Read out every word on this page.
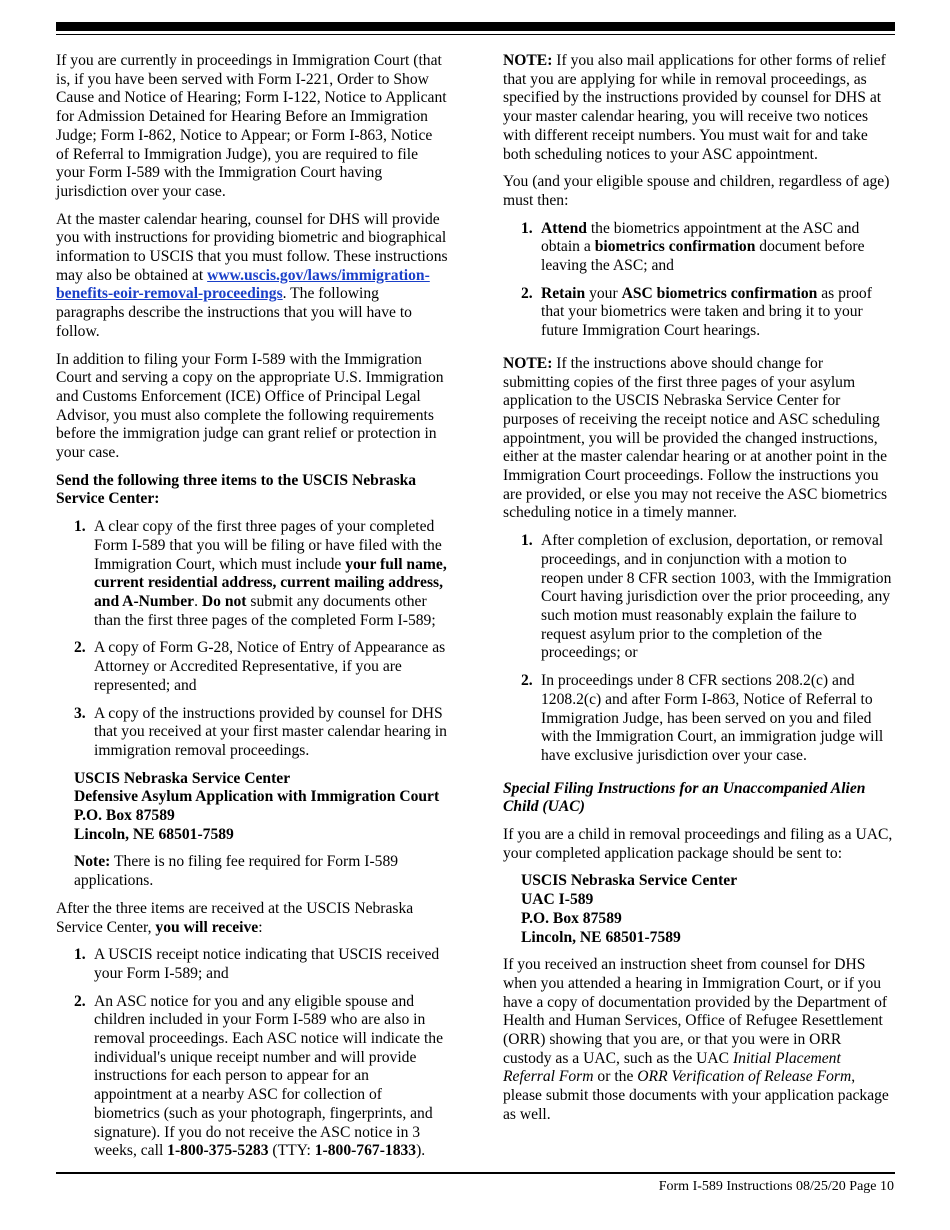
If you are currently in proceedings in Immigration Court (that is, if you have been served with Form I-221, Order to Show Cause and Notice of Hearing; Form I-122, Notice to Applicant for Admission Detained for Hearing Before an Immigration Judge; Form I-862, Notice to Appear; or Form I-863, Notice of Referral to Immigration Judge), you are required to file your Form I-589 with the Immigration Court having jurisdiction over your case.

At the master calendar hearing, counsel for DHS will provide you with instructions for providing biometric and biographical information to USCIS that you must follow. These instructions may also be obtained at www.uscis.gov/laws/immigration-benefits-eoir-removal-proceedings. The following paragraphs describe the instructions that you will have to follow.

In addition to filing your Form I-589 with the Immigration Court and serving a copy on the appropriate U.S. Immigration and Customs Enforcement (ICE) Office of Principal Legal Advisor, you must also complete the following requirements before the immigration judge can grant relief or protection in your case.

Send the following three items to the USCIS Nebraska Service Center:

1. A clear copy of the first three pages of your completed Form I-589 that you will be filing or have filed with the Immigration Court, which must include your full name, current residential address, current mailing address, and A-Number. Do not submit any documents other than the first three pages of the completed Form I-589;
2. A copy of Form G-28, Notice of Entry of Appearance as Attorney or Accredited Representative, if you are represented; and
3. A copy of the instructions provided by counsel for DHS that you received at your first master calendar hearing in immigration removal proceedings.
USCIS Nebraska Service Center
Defensive Asylum Application with Immigration Court
P.O. Box 87589
Lincoln, NE 68501-7589

Note: There is no filing fee required for Form I-589 applications.

After the three items are received at the USCIS Nebraska Service Center, you will receive:

1. A USCIS receipt notice indicating that USCIS received your Form I-589; and
2. An ASC notice for you and any eligible spouse and children included in your Form I-589 who are also in removal proceedings. Each ASC notice will indicate the individual's unique receipt number and will provide instructions for each person to appear for an appointment at a nearby ASC for collection of biometrics (such as your photograph, fingerprints, and signature). If you do not receive the ASC notice in 3 weeks, call 1-800-375-5283 (TTY: 1-800-767-1833).

NOTE: If you also mail applications for other forms of relief that you are applying for while in removal proceedings, as specified by the instructions provided by counsel for DHS at your master calendar hearing, you will receive two notices with different receipt numbers. You must wait for and take both scheduling notices to your ASC appointment.

You (and your eligible spouse and children, regardless of age) must then:

1. Attend the biometrics appointment at the ASC and obtain a biometrics confirmation document before leaving the ASC; and
2. Retain your ASC biometrics confirmation as proof that your biometrics were taken and bring it to your future Immigration Court hearings.

NOTE: If the instructions above should change for submitting copies of the first three pages of your asylum application to the USCIS Nebraska Service Center for purposes of receiving the receipt notice and ASC scheduling appointment, you will be provided the changed instructions, either at the master calendar hearing or at another point in the Immigration Court proceedings. Follow the instructions you are provided, or else you may not receive the ASC biometrics scheduling notice in a timely manner.

1. After completion of exclusion, deportation, or removal proceedings, and in conjunction with a motion to reopen under 8 CFR section 1003, with the Immigration Court having jurisdiction over the prior proceeding, any such motion must reasonably explain the failure to request asylum prior to the completion of the proceedings; or
2. In proceedings under 8 CFR sections 208.2(c) and 1208.2(c) and after Form I-863, Notice of Referral to Immigration Judge, has been served on you and filed with the Immigration Court, an immigration judge will have exclusive jurisdiction over your case.

Special Filing Instructions for an Unaccompanied Alien Child (UAC)

If you are a child in removal proceedings and filing as a UAC, your completed application package should be sent to:

USCIS Nebraska Service Center
UAC I-589
P.O. Box 87589
Lincoln, NE 68501-7589

If you received an instruction sheet from counsel for DHS when you attended a hearing in Immigration Court, or if you have a copy of documentation provided by the Department of Health and Human Services, Office of Refugee Resettlement (ORR) showing that you are, or that you were in ORR custody as a UAC, such as the UAC Initial Placement Referral Form or the ORR Verification of Release Form, please submit those documents with your application package as well.

Form I-589 Instructions 08/25/20 Page 10
